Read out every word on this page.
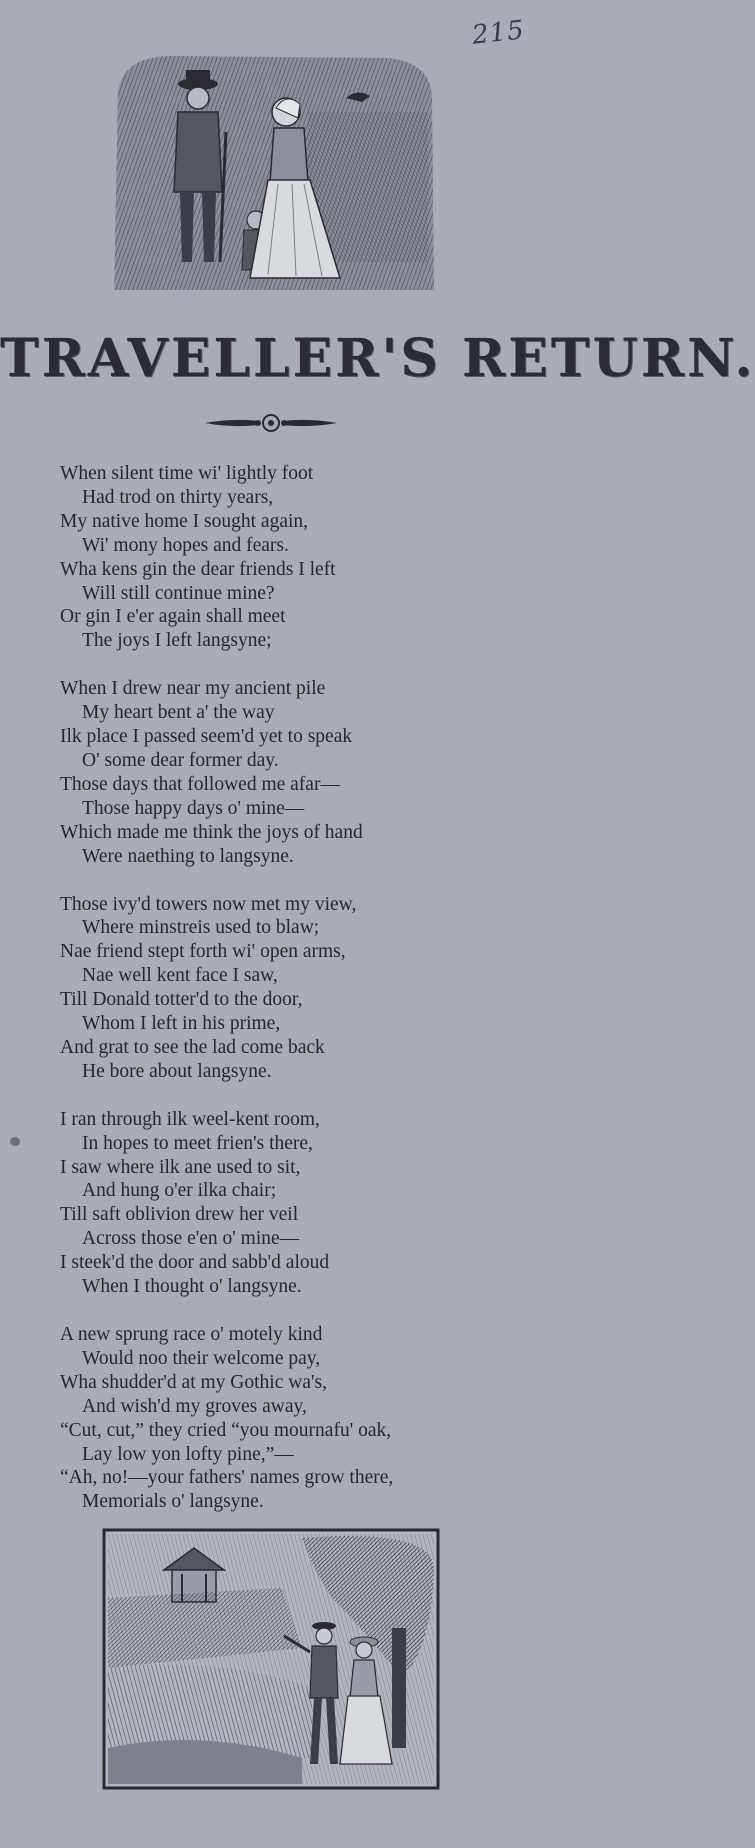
215
TRAVELLER'S RETURN.
When silent time wi' lightly foot
Had trod on thirty years,
My native home I sought again,
Wi' mony hopes and fears.
Wha kens gin the dear friends I left
Will still continue mine?
Or gin I e'er again shall meet
The joys I left langsyne;
When I drew near my ancient pile
My heart bent a' the way
Ilk place I passed seem'd yet to speak
O' some dear former day.
Those days that followed me afar—
Those happy days o' mine—
Which made me think the joys of hand
Were naething to langsyne.
Those ivy'd towers now met my view,
Where minstreis used to blaw;
Nae friend stept forth wi' open arms,
Nae well kent face I saw,
Till Donald totter'd to the door,
Whom I left in his prime,
And grat to see the lad come back
He bore about langsyne.
I ran through ilk weel-kent room,
In hopes to meet frien's there,
I saw where ilk ane used to sit,
And hung o'er ilka chair;
Till saft oblivion drew her veil
Across those e'en o' mine—
I steek'd the door and sabb'd aloud
When I thought o' langsyne.
A new sprung race o' motely kind
Would noo their welcome pay,
Wha shudder'd at my Gothic wa's,
And wish'd my groves away,
“Cut, cut,” they cried “you mournafu' oak,
Lay low yon lofty pine,”—
“Ah, no!—your fathers' names grow there,
Memorials o' langsyne.
